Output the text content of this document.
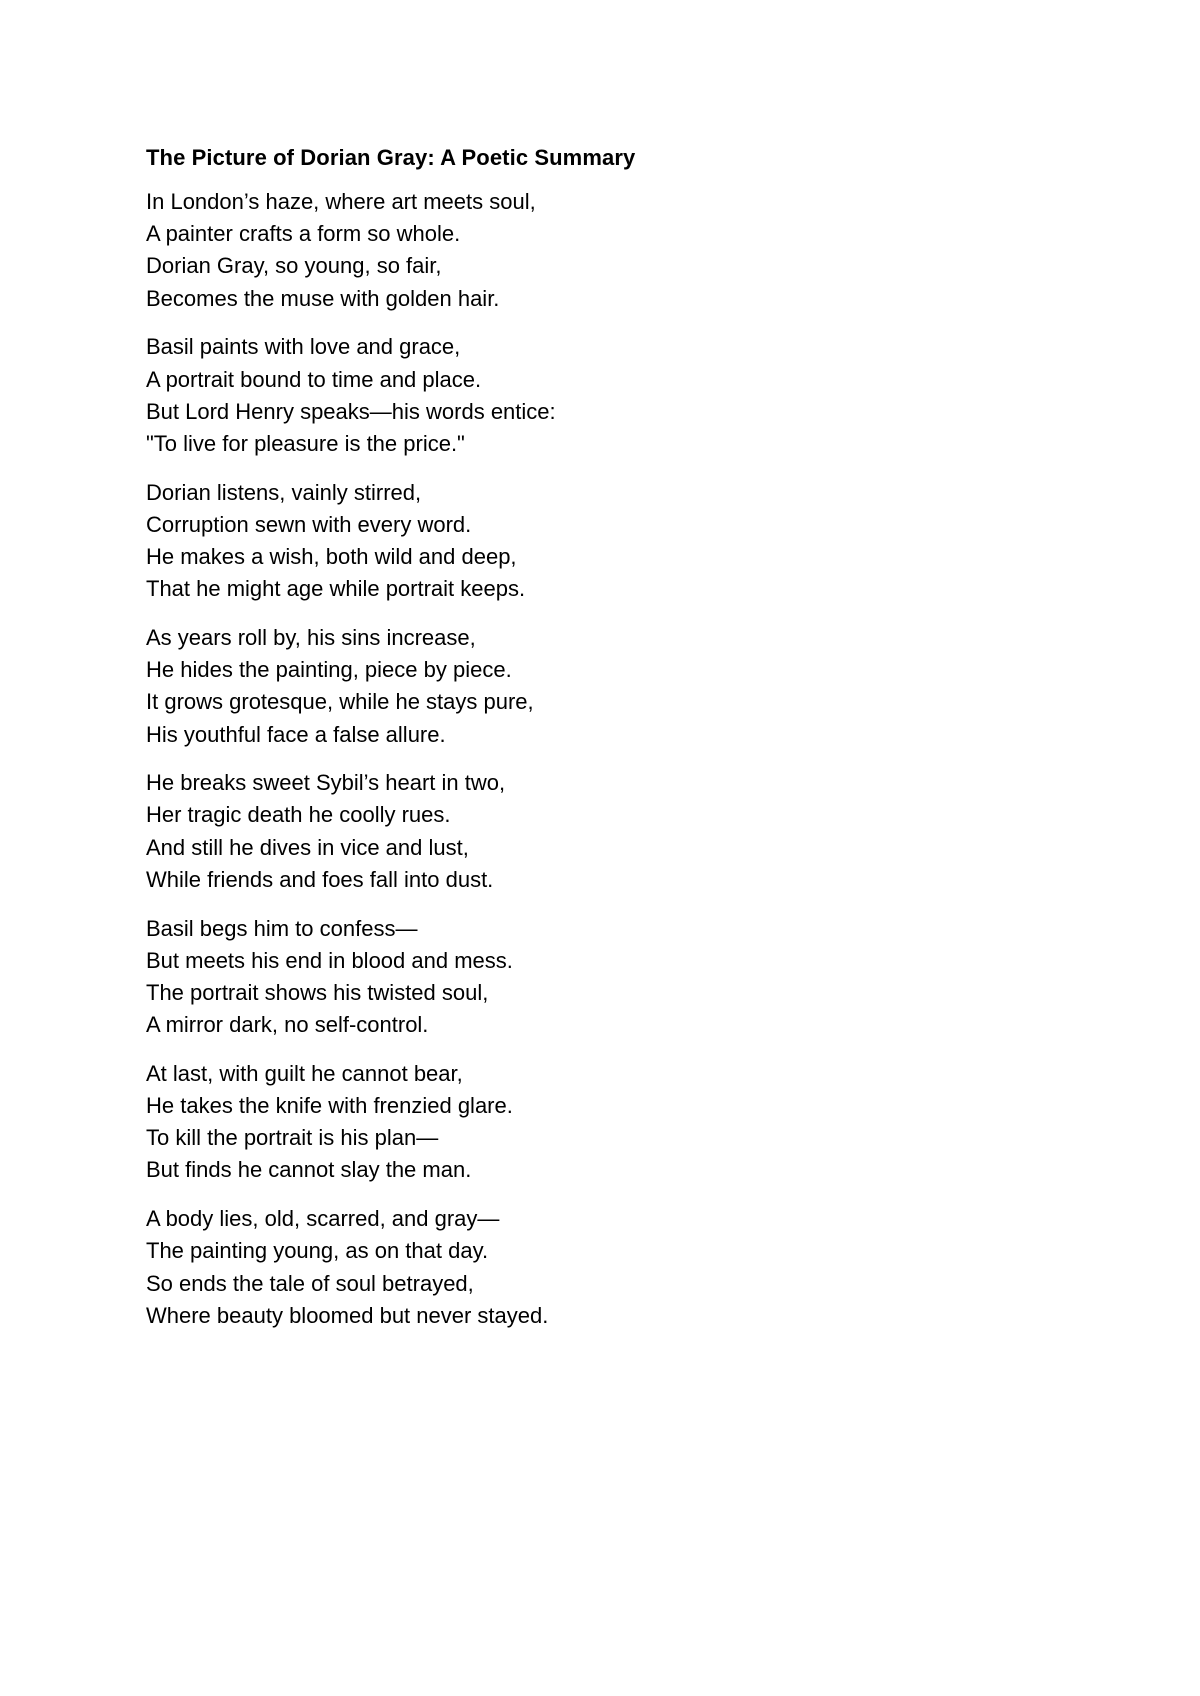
The Picture of Dorian Gray: A Poetic Summary
In London’s haze, where art meets soul,
A painter crafts a form so whole.
Dorian Gray, so young, so fair,
Becomes the muse with golden hair.
Basil paints with love and grace,
A portrait bound to time and place.
But Lord Henry speaks—his words entice:
"To live for pleasure is the price."
Dorian listens, vainly stirred,
Corruption sewn with every word.
He makes a wish, both wild and deep,
That he might age while portrait keeps.
As years roll by, his sins increase,
He hides the painting, piece by piece.
It grows grotesque, while he stays pure,
His youthful face a false allure.
He breaks sweet Sybil’s heart in two,
Her tragic death he coolly rues.
And still he dives in vice and lust,
While friends and foes fall into dust.
Basil begs him to confess—
But meets his end in blood and mess.
The portrait shows his twisted soul,
A mirror dark, no self-control.
At last, with guilt he cannot bear,
He takes the knife with frenzied glare.
To kill the portrait is his plan—
But finds he cannot slay the man.
A body lies, old, scarred, and gray—
The painting young, as on that day.
So ends the tale of soul betrayed,
Where beauty bloomed but never stayed.
